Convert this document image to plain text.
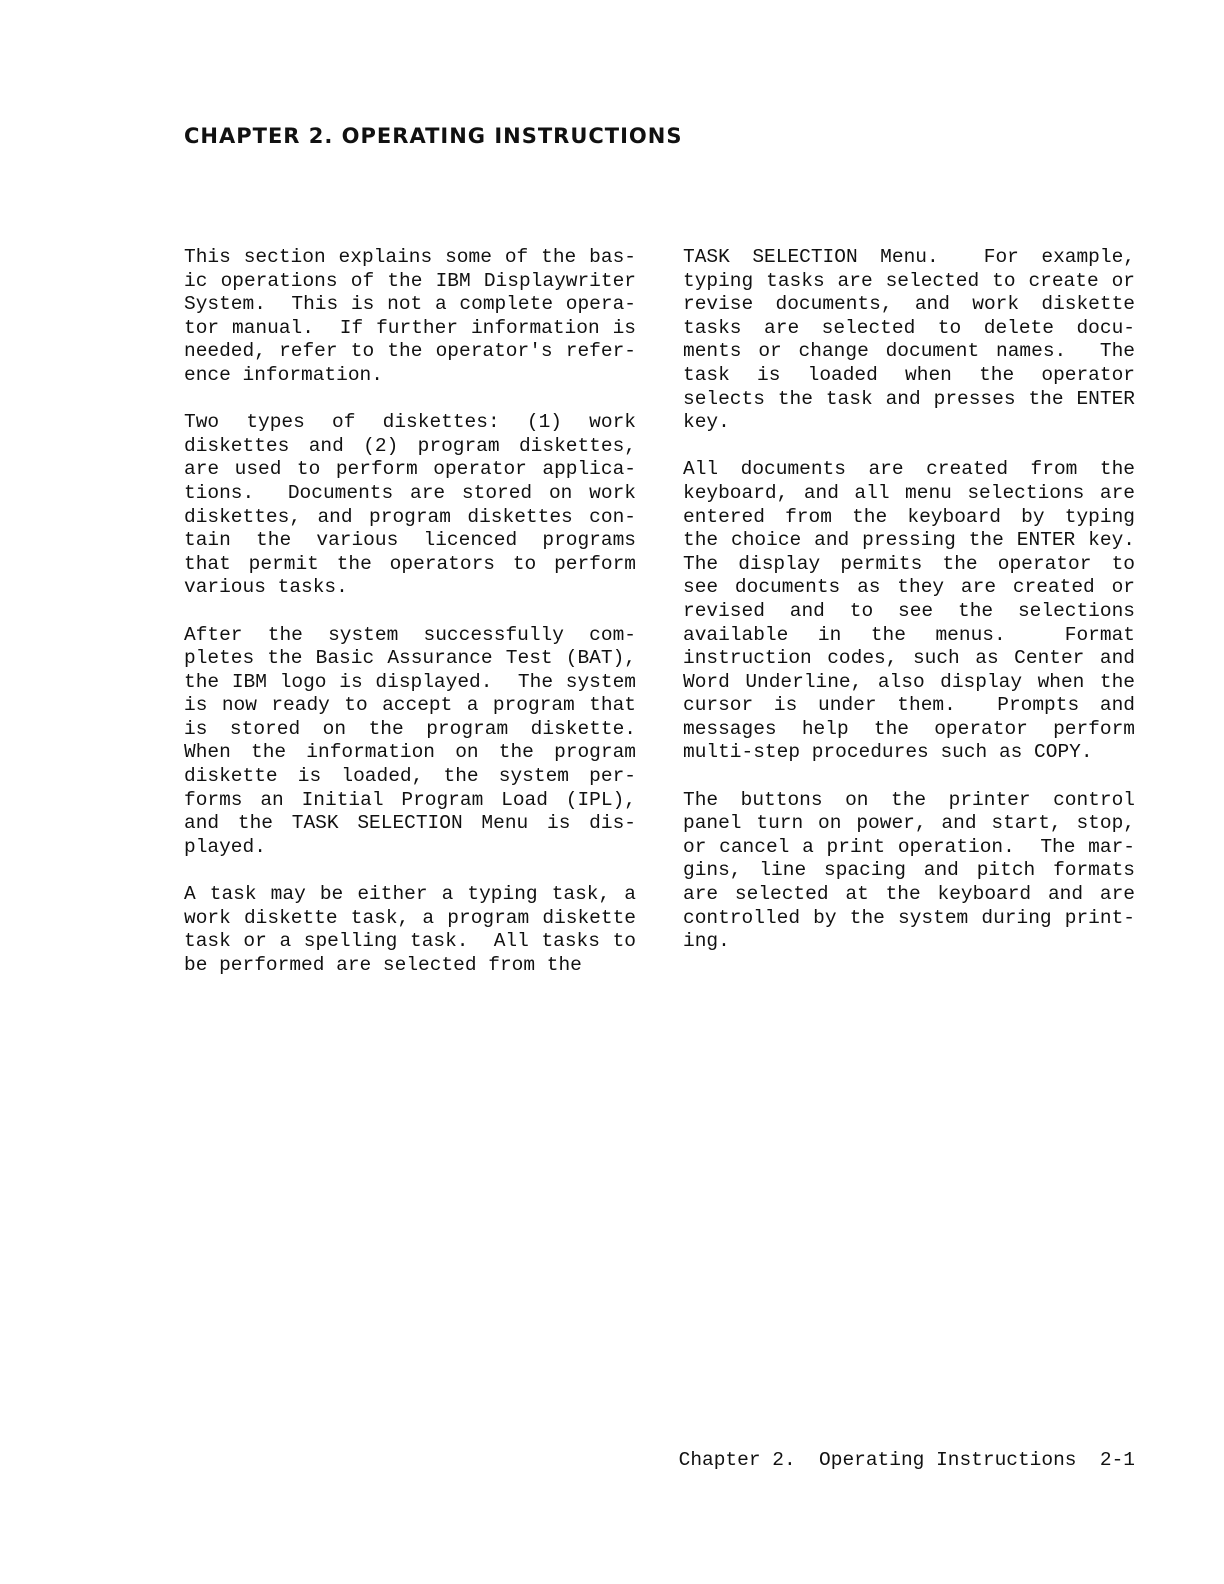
CHAPTER 2. OPERATING INSTRUCTIONS
This section explains some of the bas-
ic operations of the IBM Displaywriter
System.  This is not a complete opera-
tor manual.  If further information is
needed, refer to the operator's refer-
ence information.
Two types of diskettes: (1) work
diskettes and (2) program diskettes,
are used to perform operator applica-
tions.  Documents are stored on work
diskettes, and program diskettes con-
tain the various licenced programs
that permit the operators to perform
various tasks.
After the system successfully com-
pletes the Basic Assurance Test (BAT),
the IBM logo is displayed.  The system
is now ready to accept a program that
is stored on the program diskette.
When the information on the program
diskette is loaded, the system per-
forms an Initial Program Load (IPL),
and the TASK SELECTION Menu is dis-
played.
A task may be either a typing task, a
work diskette task, a program diskette
task or a spelling task.  All tasks to
be performed are selected from the
TASK SELECTION Menu.  For example,
typing tasks are selected to create or
revise documents, and work diskette
tasks are selected to delete docu-
ments or change document names.  The
task is loaded when the operator
selects the task and presses the ENTER
key.
All documents are created from the
keyboard, and all menu selections are
entered from the keyboard by typing
the choice and pressing the ENTER key.
The display permits the operator to
see documents as they are created or
revised and to see the selections
available in the menus.  Format
instruction codes, such as Center and
Word Underline, also display when the
cursor is under them.  Prompts and
messages help the operator perform
multi-step procedures such as COPY.
The buttons on the printer control
panel turn on power, and start, stop,
or cancel a print operation.  The mar-
gins, line spacing and pitch formats
are selected at the keyboard and are
controlled by the system during print-
ing.
Chapter 2.  Operating Instructions  2-1
